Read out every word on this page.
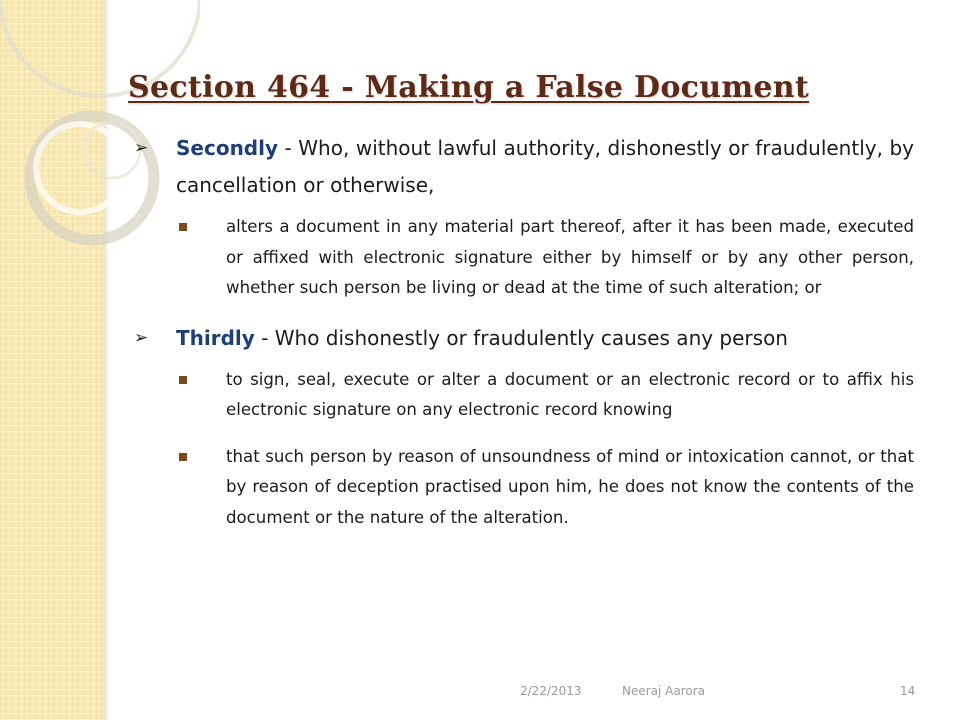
Section 464 - Making a False Document
➢ Secondly - Who, without lawful authority, dishonestly or fraudulently, by cancellation or otherwise,
alters a document in any material part thereof, after it has been made, executed or affixed with electronic signature either by himself or by any other person, whether such person be living or dead at the time of such alteration; or
➢ Thirdly - Who dishonestly or fraudulently causes any person
to sign, seal, execute or alter a document or an electronic record or to affix his electronic signature on any electronic record knowing
that such person by reason of unsoundness of mind or intoxication cannot, or that by reason of deception practised upon him, he does not know the contents of the document or the nature of the alteration.
2/22/2013	Neeraj Aarora	14
